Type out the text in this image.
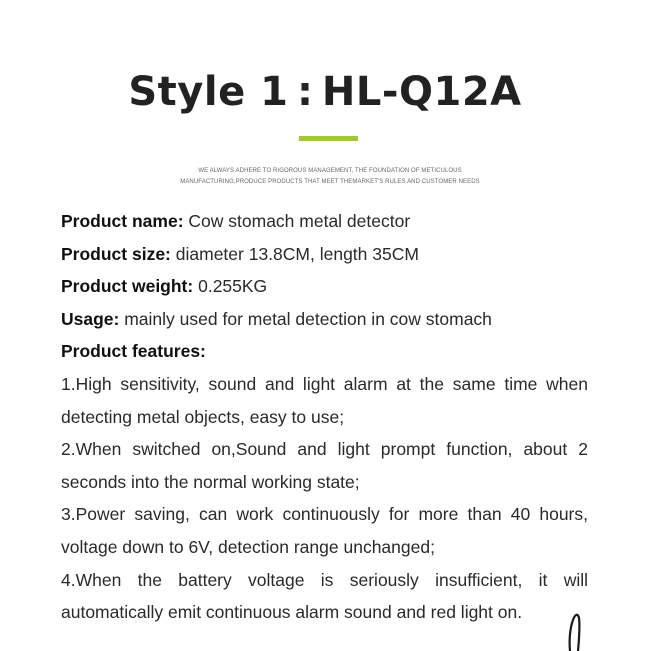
Style 1 : HL-Q12A
WE ALWAYS ADHERE TO RIGOROUS MANAGEMENT, THE FOUNDATION OF METICULOUS
MANUFACTURING,PRODUCE PRODUCTS THAT MEET THEMARKET'S RULES AND CUSTOMER NEEDS
Product name: Cow stomach metal detector
Product size: diameter 13.8CM, length 35CM
Product weight: 0.255KG
Usage: mainly used for metal detection in cow stomach
Product features:
1.High sensitivity, sound and light alarm at the same time when detecting metal objects, easy to use;
2.When switched on,Sound and light prompt function, about 2 seconds into the normal working state;
3.Power saving, can work continuously for more than 40 hours, voltage down to 6V, detection range unchanged;
4.When the battery voltage is seriously insufficient, it will automatically emit continuous alarm sound and red light on.
